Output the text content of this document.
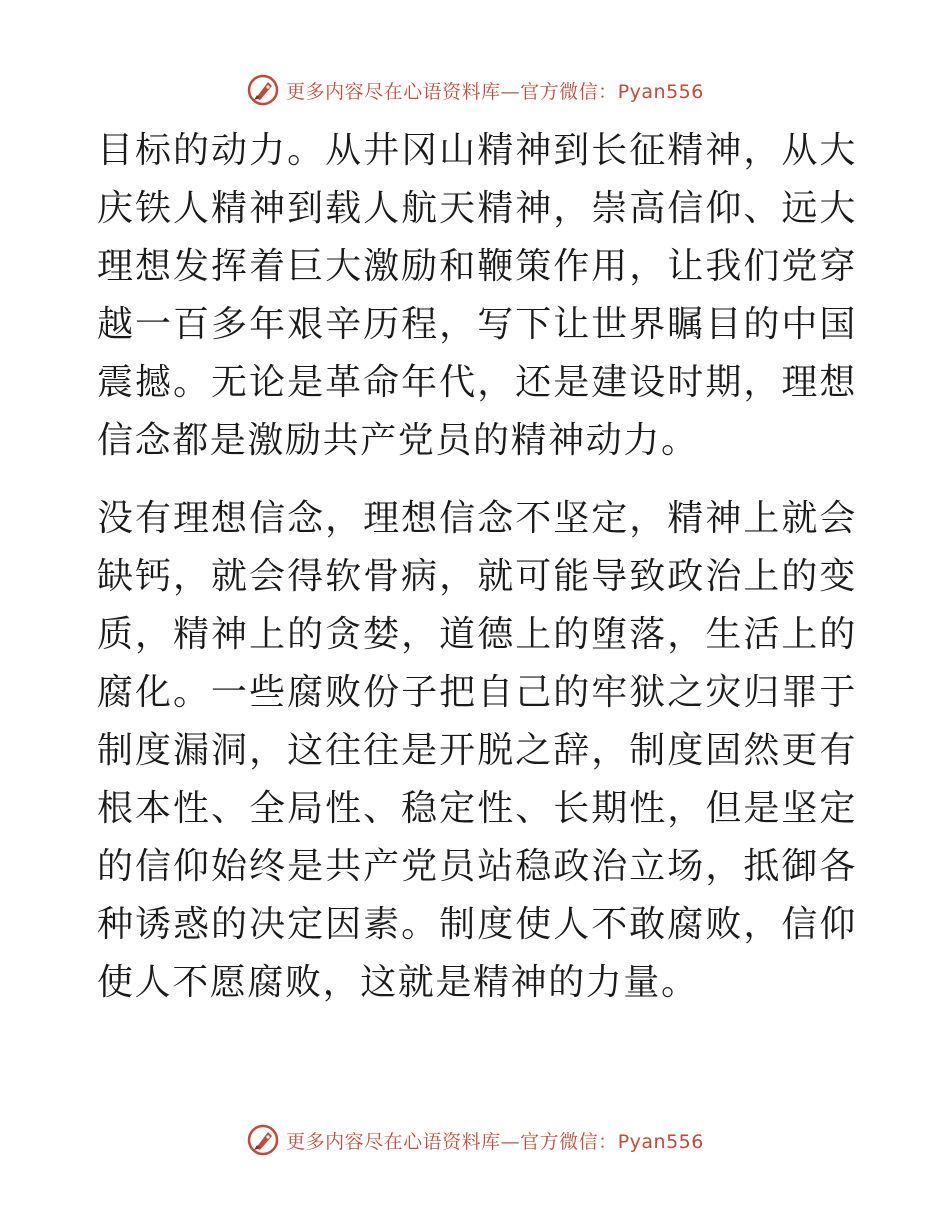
更多内容尽在心语资料库—官方微信：Pyan556

目标的动力。从井冈山精神到长征精神，从大庆铁人精神到载人航天精神，崇高信仰、远大理想发挥着巨大激励和鞭策作用，让我们党穿越一百多年艰辛历程，写下让世界瞩目的中国震撼。无论是革命年代，还是建设时期，理想信念都是激励共产党员的精神动力。

没有理想信念，理想信念不坚定，精神上就会缺钙，就会得软骨病，就可能导致政治上的变质，精神上的贪婪，道德上的堕落，生活上的腐化。一些腐败份子把自己的牢狱之灾归罪于制度漏洞，这往往是开脱之辞，制度固然更有根本性、全局性、稳定性、长期性，但是坚定的信仰始终是共产党员站稳政治立场，抵御各种诱惑的决定因素。制度使人不敢腐败，信仰使人不愿腐败，这就是精神的力量。

更多内容尽在心语资料库—官方微信：Pyan556
